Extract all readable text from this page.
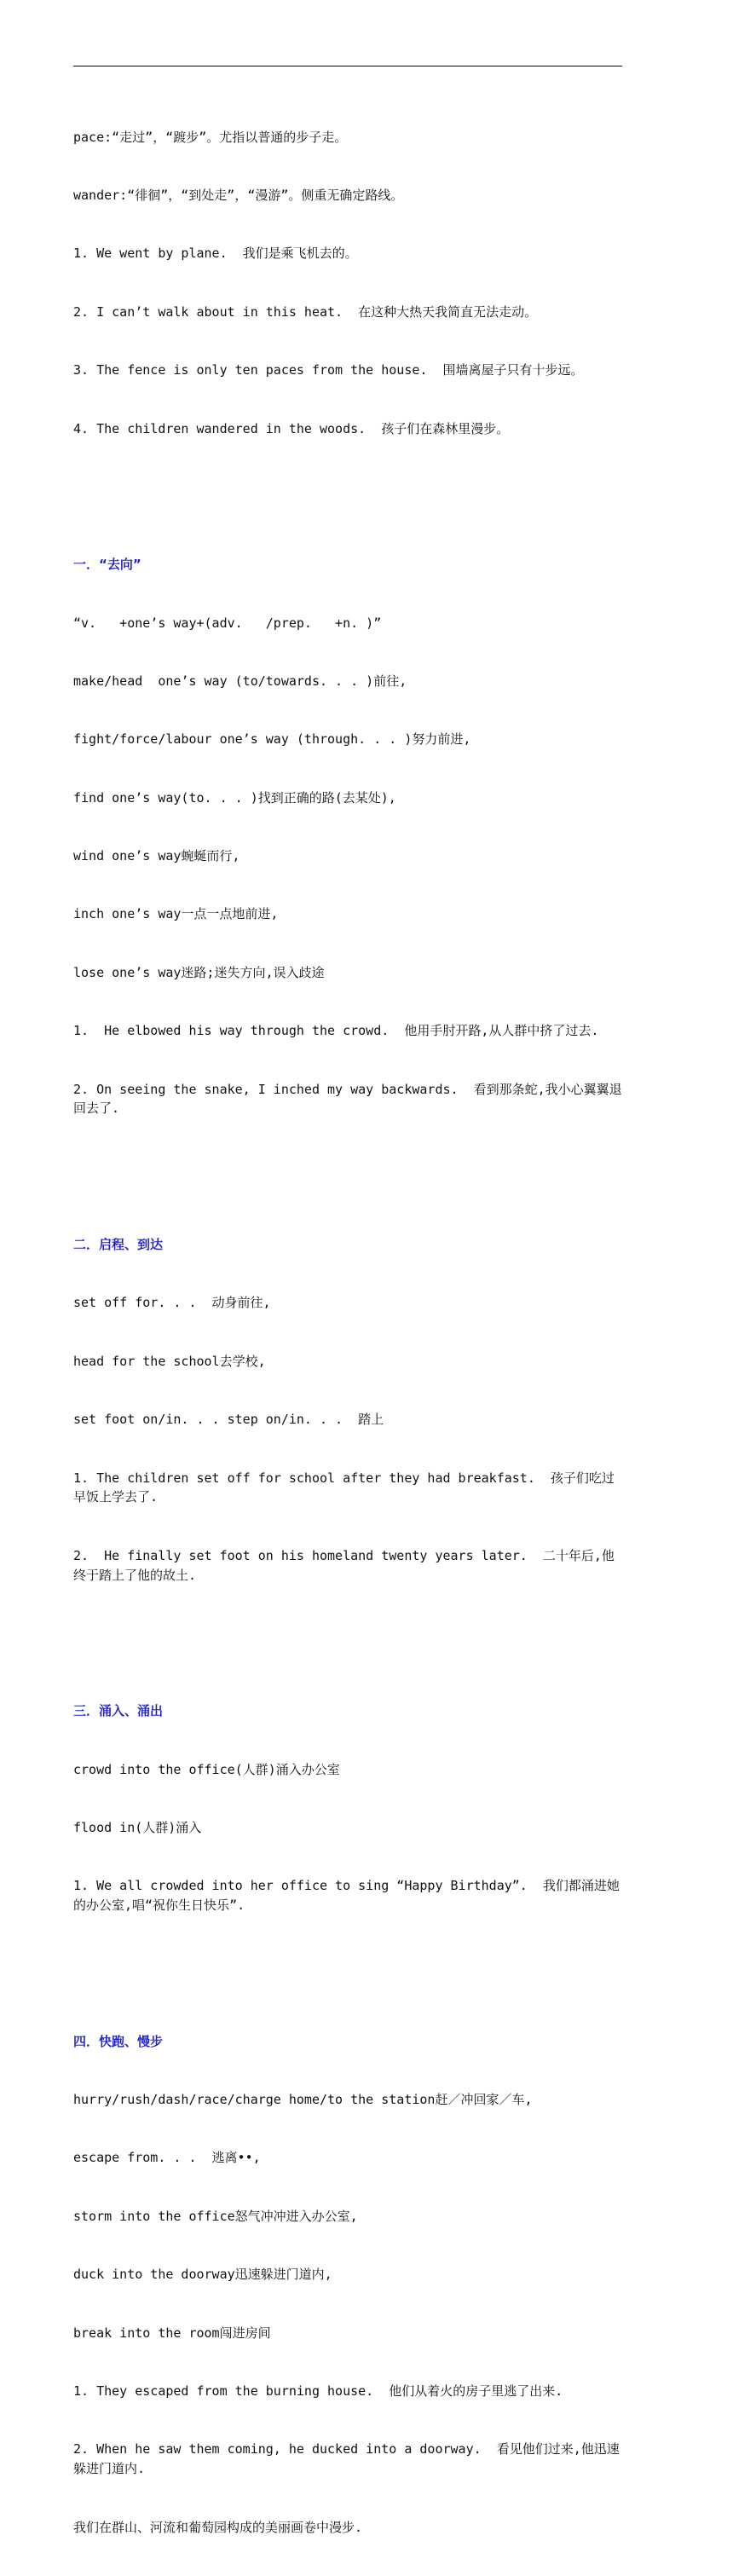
pace:“走过”，“踱步”。尤指以普通的步子走。

wander:“徘徊”，“到处走”，“漫游”。侧重无确定路线。

1. We went by plane.  我们是乘飞机去的。

2. I can’t walk about in this heat.  在这种大热天我简直无法走动。

3. The fence is only ten paces from the house.  围墙离屋子只有十步远。

4. The children wandered in the woods.  孩子们在森林里漫步。

一．“去向”

“v.   +one’s way+(adv.   /prep.   +n. )”

make/head  one’s way (to/towards. . . )前往,

fight/force/labour one’s way (through. . . )努力前进,

find one’s way(to. . . )找到正确的路(去某处),

wind one’s way蜿蜒而行,

inch one’s way一点一点地前进,

lose one’s way迷路;迷失方向,误入歧途

1.  He elbowed his way through the crowd.  他用手肘开路,从人群中挤了过去.

2. On seeing the snake, I inched my way backwards.  看到那条蛇,我小心翼翼退回去了.

二．启程、到达

set off for. . .  动身前往,

head for the school去学校,

set foot on/in. . . step on/in. . .  踏上

1. The children set off for school after they had breakfast.  孩子们吃过早饭上学去了.

2.  He finally set foot on his homeland twenty years later.  二十年后,他终于踏上了他的故土.

三．涌入、涌出

crowd into the office(人群)涌入办公室

flood in(人群)涌入

1. We all crowded into her office to sing “Happy Birthday”.  我们都涌进她的办公室,唱“祝你生日快乐”.

四．快跑、慢步

hurry/rush/dash/race/charge home/to the station赶／冲回家／车,

escape from. . .  逃离••,

storm into the office怒气冲冲进入办公室,

duck into the doorway迅速躲进门道内,

break into the room闯进房间

1. They escaped from the burning house.  他们从着火的房子里逃了出来.

2. When he saw them coming, he ducked into a doorway.  看见他们过来,他迅速躲进门道内.

我们在群山、河流和葡萄园构成的美丽画卷中漫步.
